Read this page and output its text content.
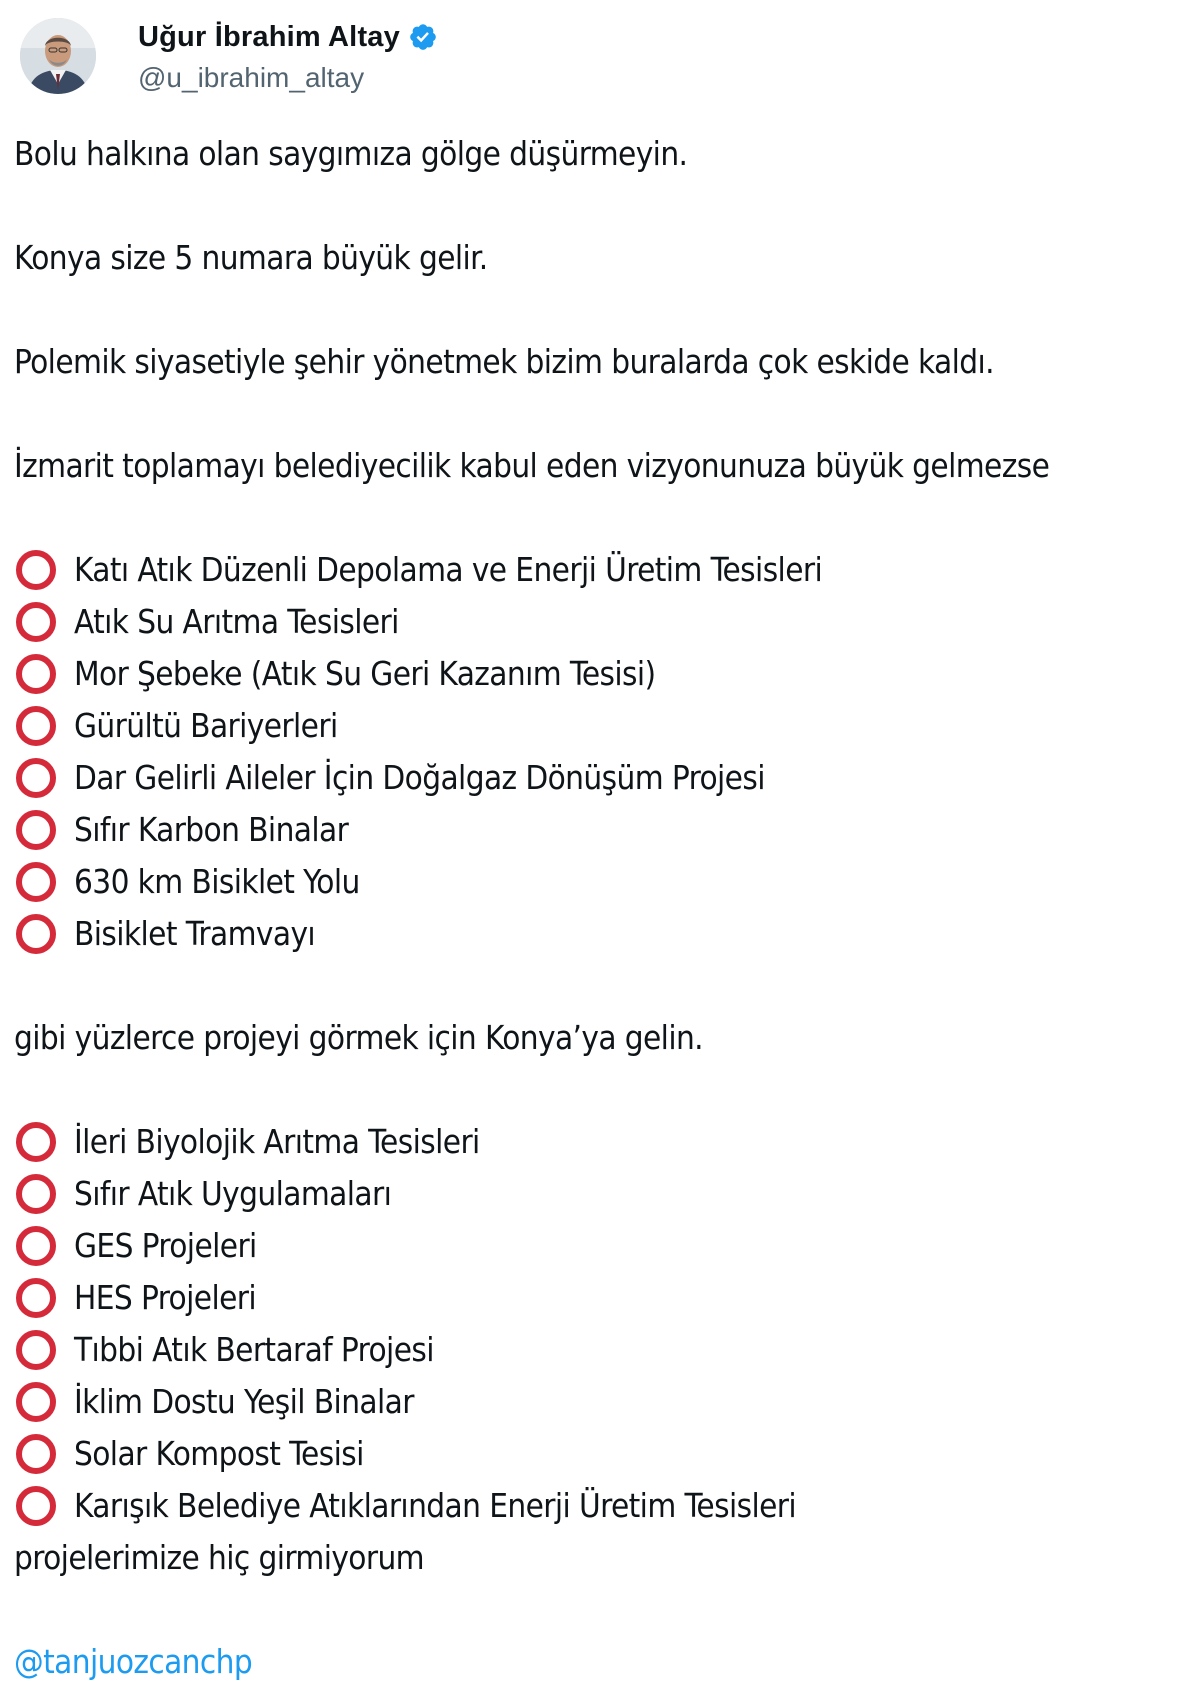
Uğur İbrahim Altay
@u_ibrahim_altay

Bolu halkına olan saygımıza gölge düşürmeyin.

Konya size 5 numara büyük gelir.

Polemik siyasetiyle şehir yönetmek bizim buralarda çok eskide kaldı.

İzmarit toplamayı belediyecilik kabul eden vizyonunuza büyük gelmezse

Katı Atık Düzenli Depolama ve Enerji Üretim Tesisleri
Atık Su Arıtma Tesisleri
Mor Şebeke (Atık Su Geri Kazanım Tesisi)
Gürültü Bariyerleri
Dar Gelirli Aileler İçin Doğalgaz Dönüşüm Projesi
Sıfır Karbon Binalar
630 km Bisiklet Yolu
Bisiklet Tramvayı

gibi yüzlerce projeyi görmek için Konya’ya gelin.

İleri Biyolojik Arıtma Tesisleri
Sıfır Atık Uygulamaları
GES Projeleri
HES Projeleri
Tıbbi Atık Bertaraf Projesi
İklim Dostu Yeşil Binalar
Solar Kompost Tesisi
Karışık Belediye Atıklarından Enerji Üretim Tesisleri

projelerimize hiç girmiyorum

@tanjuozcanchp
